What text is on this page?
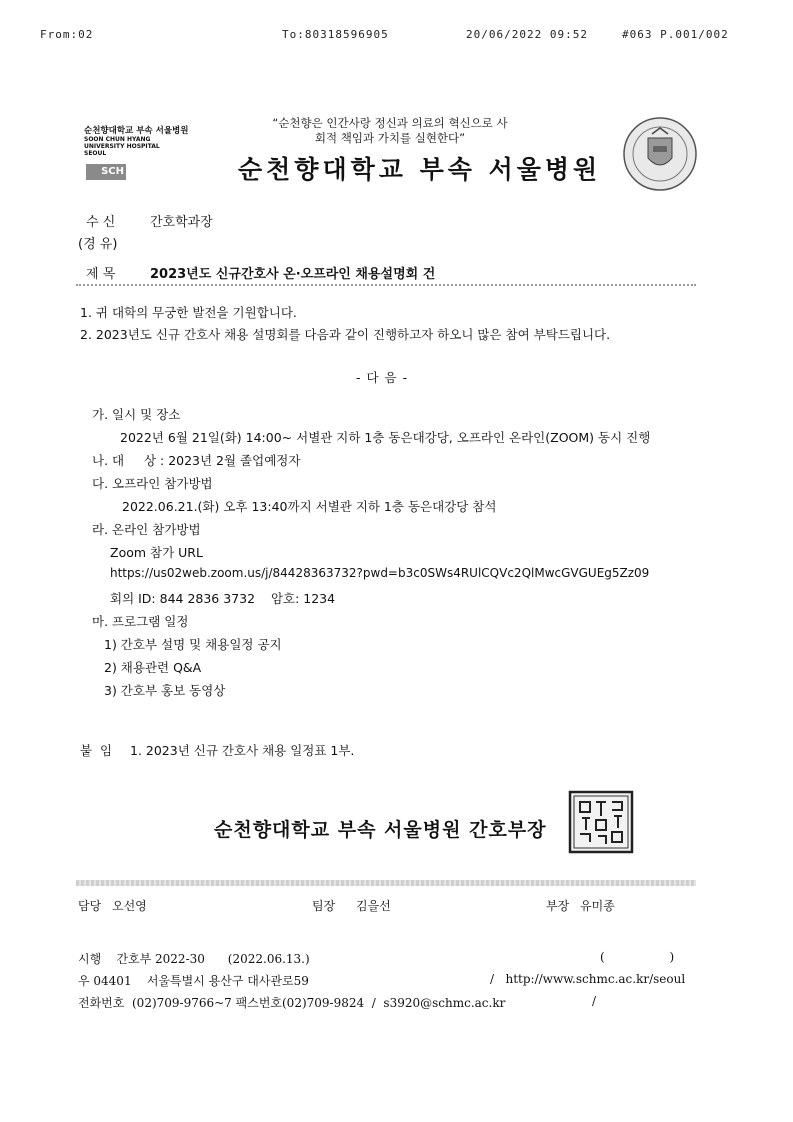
From:02	To:80318596905	20/06/2022 09:52	#063 P.001/002
순천향대학교 부속 서울병원
SOON CHUN HYANG UNIVERSITY HOSPITAL SEOUL
SCH
“순천향은 인간사랑 정신과 의료의 혁신으로 사회적 책임과 가치를 실현한다”
순천향대학교 부속 서울병원
수 신	간호학과장
(경 유)
제 목	2023년도 신규간호사 온·오프라인 채용설명회 건
1. 귀 대학의 무궁한 발전을 기원합니다.
2. 2023년도 신규 간호사 채용 설명회를 다음과 같이 진행하고자 하오니 많은 참여 부탁드립니다.
- 다 음 -
가. 일시 및 장소
2022년 6월 21일(화) 14:00~ 서별관 지하 1층 동은대강당, 오프라인 온라인(ZOOM) 동시 진행
나. 대     상 : 2023년 2월 졸업예정자
다. 오프라인 참가방법
2022.06.21.(화) 오후 13:40까지 서별관 지하 1층 동은대강당 참석
라. 온라인 참가방법
Zoom 참가 URL
https://us02web.zoom.us/j/84428363732?pwd=b3c0SWs4RUlCQVc2QlMwcGVGUEg5Zz09
회의 ID: 844 2836 3732    암호: 1234
마. 프로그램 일정
1) 간호부 설명 및 채용일정 공지
2) 채용관련 Q&A
3) 간호부 홍보 동영상
붙  임 1. 2023년 신규 간호사 채용 일정표 1부.
순천향대학교 부속 서울병원 간호부장
담당 오선영	팀장 김을선	부장 유미종
시행    간호부 2022-30      (2022.06.13.)	(                 )
우 04401    서울특별시 용산구 대사관로59	/   http://www.schmc.ac.kr/seoul
전화번호  (02)709-9766~7 팩스번호(02)709-9824  /  s3920@schmc.ac.kr	/
